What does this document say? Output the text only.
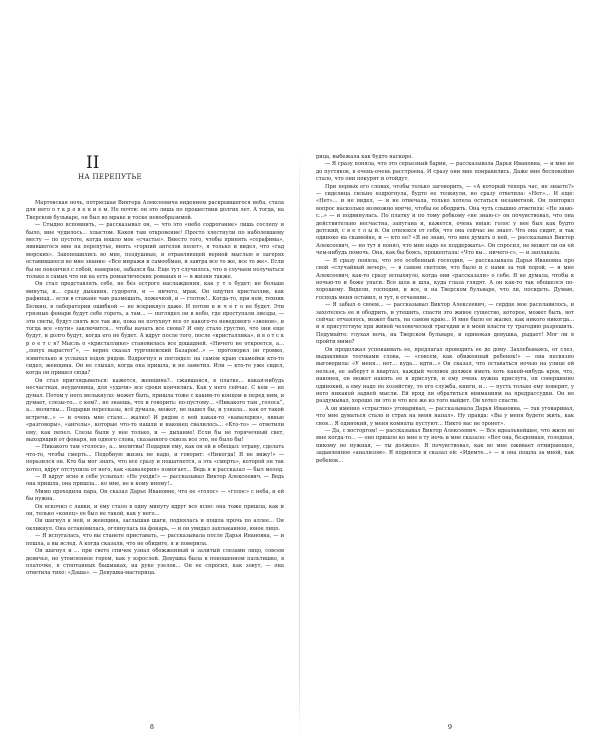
II
НА ПЕРЕПУТЬЕ

Мартовская ночь, потрясшая Виктора Алексеевича видением раскрывшегося неба, стала для него о т к р о в е н и е м. Но почти: он это лишь по прошествии долгих лет. А тогда, на Тверском бульваре, он был во мраке и тоске невообразимой.

— Стыдно вспомнить, — рассказывал он, — что это «небо содрогание» лишь сослепу и было, мне чудилось... хлыстом. Каков там откровение! Просто хлестнули по наболевшему месту — по пустоте, когда вошло мое «счастье». Вместо того, чтобы принять «серафима», явившегося мне на перепутье, внять «горний ангелов полет», я только и видел, что «гад морских». Закопошились во мне, поздушные, и отравляющей верной мыслью в лагерях оставившееся во мне знание: «Все миражи и самообман, и завтра все то же, все то же». Если бы не покончил с собой, наверное, забылся бы. Еще тут случилось, что я случаем получаться только в самых что ни на есть романтических романах и — в жизни также.

Он стал представлять себе, не без острого наслаждения, как у т о будет: не больше минуты, и... сразу дыхания, судороги, и — ничего, мрак. Он ощутил кристаллик, как рафинад... если в стакане чаю размешать, ложечкой, и — глоток!.. Когда-то, при нем, техник Белкин, в лаборатории ошибкой — не вскрикнул даже. И потом н и ч е г о не будет. Эти грязные фонари будут себе гореть, а там... — поглядел он в небо, где проступали звезды, — эти светы, будут сиять все так же, пока не потухнут все от какого-то неведомого «звонов», и тогда все «пути» заключится... чтобы начать все снова? И ему стало грустно, что они еще будут, и долго будут, когда его не будет. А вдруг после того, после «кристаллика», и в о т с к р о е т с я? Мысль о «кристаллике» становилась все дошадней. «Ничего не откроется, а... „лопух вырастет“», — верно сказал тургеневский Базаров!..» — проговорил он громко, язвительно и услыхал вздох рядом. Вздрогнул и поглядел: на самом краю скамейки кто-то сидел, женщина. Он не слыхал, когда она пришла, и не заметил. Или — кто-то уже сидел, когда он пришел сюда?

Он стал приглядываться: кажется, женщина?.. сжавшаяся, в платке... какая-нибудь несчастная, неудачница, для «удачи» все сроки кончились. Как у него сейчас. С кем — не думал. Потом у него мелькнуло: может быть, пришла тоже с каким-то концом и перед ним, и думает, слезы-то... с кем?.. не знаешь, что и говорить: по-пустому... «Никакого там „голоса“, а... молитвы... Подарки пересказы, всё думала, может, не нашел бы, и узнала... как от такой встречи...» — и очень мне стало... жалко! И рядом с ней какая-то «кавалерия», явные «разговоры», «ангелы», которые что-то нашли и наконец свалилось... «Кто-то» — ответили ему, как пепел. Слезы были у нее только, и — дыхание! Если бы не горячечный свет, выходящий от фонаря, ни одного слова, сказанного сквозь все это, не было бы!

— Никакого там «голоса», а... молитвы! Подарки ему, как он ей и обещал: отраву, сделать что-то, чтобы смерть... Подобную жизнь не надо, и говорит: «Никогда! Я не вижу!» — поразился он. Кто бы мог знать, что все сразу и пошатнется, а эта «смерть», которой он так хотел, вдруг отступила от него, как «кавалерия» помогает... Ведь я и рассказал — был молод.

— Я вдруг ясно в себе услыхал: «Не уходи!» — рассказывал Виктор Алексеевич. — Ведь она пришла, она пришла... ко мне, не к кому иному!..

Мимо проходила пара, Он сказал Дарье Ивановне, что ее «голос» — «голос» с неба, и ей бы нужна.

Он вскочил с лавки, и ему стало в одну минуту вдруг все ясно: она тоже пришла, как и он, только «конец» ее был не такой, как у него...

Он шагнул к ней, и женщина, заслышав шаги, поднялась и пошла прочь по аллее... Он окликнул. Она остановилась, оглянулась на фонарь, — и он увидал заплаканное, юное лицо.

— Я испугалась, что вы станете приставать, — рассказывала после Дарья Ивановна, — и пошла, а вы вслед. А когда сказали, что не обидите, я и поверила.

Он шагнул и ... при свете спичек узнал обожженный и залитый слезами лицо, совсем девичье, но утомленное горем, как у взрослой. Девушка была в поношенном пальтишке, в платочке, в стоптанных башмаках, на руке узелок... Он ее спросил, как зовут, — она ответила тихо: «Даша». — Девушка-мастерица.

8

рица, выбежала как будто наскоро.

— Я сразу поняла, что это серьезный барин, — рассказывала Дарья Ивановна, — и мне не до пустяков, я очень-очень расстроена. И сразу они мне понравились. Даже мне беспокойно стало, что они покурят и отойдут.

При первых его словах, чтобы только заговорить, — «А который теперь час, не знаете?» — сиделица сильно вздрогнула, будто ее толкнули, но сразу ответила: «Нет»... И еще: «Нет»... и не видел, — и не отвечала, только хотела остаться незаметной. Он повторил вопрос насколько возможно мягче, чтобы ее ободрить. Она чуть слышно ответила: «Не знаю-с...» — и подвинулась. По платку и по тому робкому «не знаю-с» он почувствовал, что она действительно несчастна, запугана и, кажется, очень юная: голос у нее был как будто детский, с в е т л ы й. Он отвлекся от себя, что она сейчас не знает. Что она сидит, и так одиноко на скамейке, и — кто ее? «Я не знаю, что мне думать о ней, — рассказывал Виктор Алексеевич, — но тут я понял, что мне надо ее поддержать». Он спросил, не может ли он ей чем-нибудь помочь. Она, как бы боясь, прошептала: «Что вы... ничего-с», — и заплакала.

— Я сразу поняла, что это особенный господин, — рассказывала Дарья Ивановна про свой «случайный вечер», — в самом светлом, что было и с нами за той порой, — и мне Алексеевич, как-то сразу вспыхнуло, когда они «рассказали» о себе. Я не думала, чтобы к ночью-то и боже упаси. Все шла и шла, куда глаза глядят. А он как-то так обошелся по-хорошему. Видели, господин, и все, и на Тверском бульваре, что ли, посидеть. Думаю, господь меня оставил, и тут, в отчаянии...

— Я забыл о своем... — рассказывал Виктор Алексеевич, — сердце мое расплавилось, и захотелось ее и ободрить, и утешить, спасти это живое существо, которое, может быть, вот сейчас отчаялось, может быть, на самом краю... И мне было ее жалко, как никого никогда... и я присутствую при живой человеческой трагедии и в моей власти ту трагедию разрешить. Подумайте: глухая ночь, на Тверском бульваре, и одинокая девушка, рыдает! Мог ли я пройти мимо?

Он продолжал успокаивать ее, предлагал проводить ее до дому. Захлебываясь, от слез, выдавливая толчками слова, — «совсем, как обиженный ребенок!» — она несвязно выговорила: «У меня... нет... куда... идти...» Он сказал, что оставаться ночью на улице ей нельзя, ее заберут в квартал, каждый человек должен иметь хоть какой-нибудь кров, что, наконец, он может нанять ее в прислуги, и ему очень нужна прислуга, он совершенно одинокий, а ему надо по хозяйству, то его служба, книги, и... — пусть только ему поверит, у него никакой задней мысли. Ей вряд ли обратиться вниманиям на предрассудки. Он не раздумывал, хорошо ли это и что все же из того выйдет. Он хотел спасти.

А он именно «страстно» уговаривал, — рассказывала Дарья Ивановна, — так уговаривал, что мне думаться стало и страх на меня напал». Ну правда: «Вы у меня будете жить, как своя... Я одинокий, у меня комнаты пустуют... Никто вас не тронет».

— Да, с восторгом! — рассказывал Виктор Алексеевич. — Все идеальнейшее, что жило во мне когда-то... — оно пришло ко мне в ту ночь и мне сказало: «Вот она, бездомная, голодная, никому не нужная, — ты должен». Я почувствовал, как во мне оживает отмирающее, задавленное «анализом». Я поднялся и сказал ей: «Идемте...» — и она пошла за мной, как ребенок...

9
